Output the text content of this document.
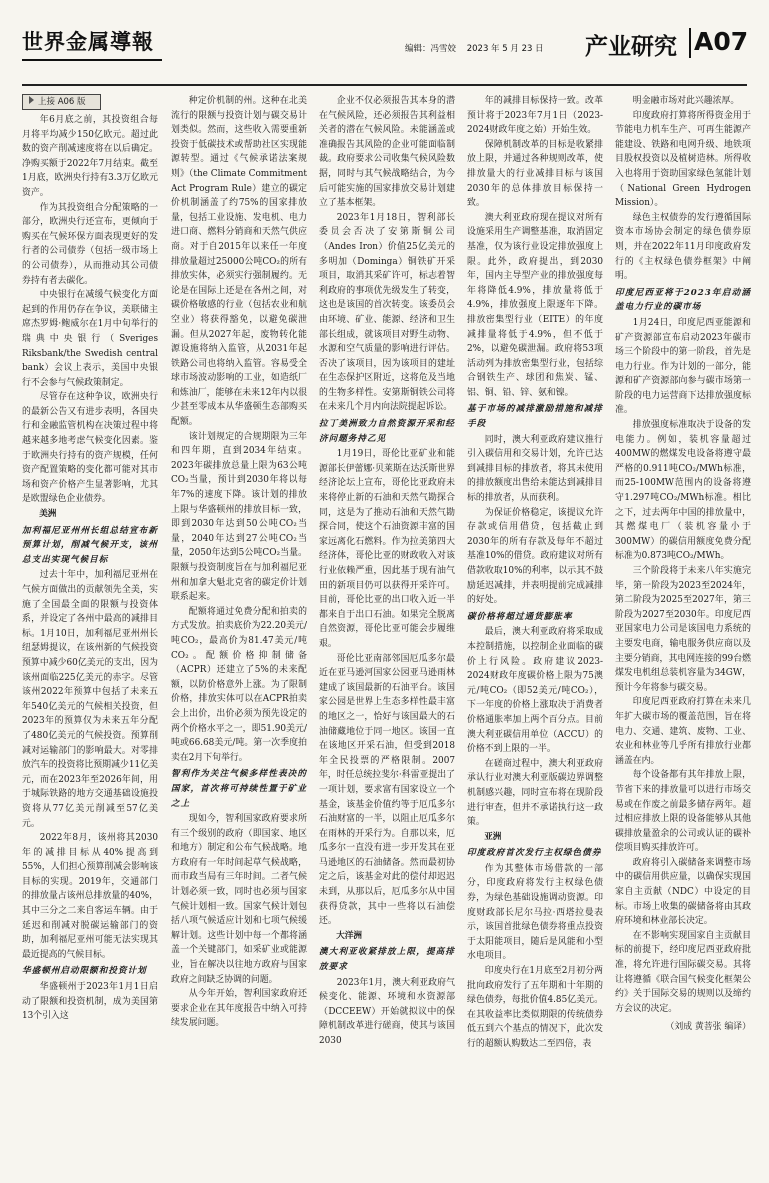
世界金属導報	编辑：冯雪姣 2023 年 5 月 23 日	产业研究 A07
上接 A06 版

年6月底之前，其投资组合每月将平均减少150亿欧元。超过此数的资产削减速度将在以后确定。净购买额于2022年7月结束。截至1月底，欧洲央行持有3.3万亿欧元资产。

作为其投资组合分配策略的一部分，欧洲央行还宣布，更倾向于购买在气候环保方面表现更好的发行者的公司债券（包括一级市场上的公司债券），从而推动其公司债券持有者去碳化。

中央银行在减缓气候变化方面起到的作用仍存在争议，美联储主席杰罗姆·鲍威尔在1月中旬举行的瑞典中央银行（Sveriges Riksbank/the Swedish central bank）会议上表示，美国中央银行不会参与气候政策制定。

尽管存在这种争议，欧洲央行的最新公告又有进步表明，各国央行和金融监管机构在决策过程中将越来越多地考虑气候变化因素。鉴于欧洲央行持有的资产规模，任何资产配置策略的变化都可能对其市场和资产价格产生显著影响，尤其是欧盟绿色企业债券。

美洲

加利福尼亚州州长组总结宣布新预算计划，削减气候开支，该州总支出实现气候目标

过去十年中，加利福尼亚州在气候方面做出的贡献领先全美，实施了全国最全面的限额与投资体系，并设定了各州中最高的减排目标。1月10日，加利福尼亚州州长纽瑟姆提议，在该州新的气候投资预算中减少60亿美元的支出，因为该州面临225亿美元的赤字。尽管该州2022年预算中包括了未来五年540亿美元的气候相关投资，但2023年的预算仅为未来五年分配了480亿美元的气候投资。预算削减对运输部门的影响最大。对零排放汽车的投资将比预期减少11亿美元，而在2023年至2026年间，用于城际铁路的地方交通基础设施投资将从77亿美元削减至57亿美元。

2022年8月，该州将其2030年的减排目标从40%提高到55%，人们担心预算削减会影响该目标的实现。2019年，交通部门的排放量占该州总排放量的40%，其中三分之二来自客运车辆。由于延迟和削减对脱碳运输部门的资助，加利福尼亚州可能无法实现其最近提高的气候目标。

华盛顿州启动限额和投资计划

华盛顿州于2023年1月1日启动了限额和投资机制，成为美国第13个引入这

种定价机制的州。这种在北美流行的限额与投资计划与碳交易计划类似。然而，这些收入需要重新投资于低碳技术或帮助社区实现能源转型。通过《气候承诺法案规则》（the Climate Commitment Act Program Rule）建立的碳定价机制涵盖了约75%的国家排放量，包括工业设施、发电机、电力进口商、燃料分销商和天然气供应商。对于自2015年以来任一年度排放量超过25000公吨CO₂的所有排放实体，必须实行强制履约。无论是在国际上还是在各州之间，对碳价格敏感的行业（包括农业和航空业）将获得豁免，以避免碳泄漏。但从2027年起，废物转化能源设施将纳入监管，从2031年起铁路公司也将纳入监管。容易受全球市场波动影响的工业，如造纸厂和炼油厂，能够在未来12年内以很少甚至零成本从华盛顿生态部购买配额。

该计划规定的合规期限为三年和四年期，直到2034年结束。2023年碳排放总量上限为63公吨CO₂当量，预计到2030年将以每年7%的速度下降。该计划的排放上限与华盛顿州的排放目标一致，即到2030年达到50公吨CO₂当量，2040年达到27公吨CO₂当量，2050年达到5公吨CO₂当量。限额与投资制度旨在与加利福尼亚州和加拿大魁北克省的碳定价计划联系起来。

配额将通过免费分配和拍卖的方式发放。拍卖底价为22.20美元/吨CO₂，最高价为81.47美元/吨CO₂。配额价格抑制储备（ACPR）还建立了5%的未来配额，以防价格意外上涨。为了限制价格，排放实体可以在ACPR拍卖会上出价，出价必须为预先设定的两个价格水平之一，即51.90美元/吨或66.68美元/吨。第一次季度拍卖在2月下旬举行。

智利作为关注气候多样性表决的国家，首次将可持续性置于矿业之上

现如今，智利国家政府要求所有三个级别的政府（即国家、地区和地方）制定和公布气候战略。地方政府有一年时间起草气候战略，而市政当局有三年时间。二者气候计划必须一致，同时也必须与国家气候计划相一致。国家气候计划包括八项气候适应计划和七项气候缓解计划。这些计划中每一个都将涵盖一个关键部门，如采矿业或能源业，旨在解决以往地方政府与国家政府之间缺乏协调的问题。

从今年开始，智利国家政府还要求企业在其年度报告中纳入可持续发展问题。

企业不仅必须报告其本身的潜在气候风险，还必须报告其利益相关者的潜在气候风险。未能涵盖或准确报告其风险的企业可能面临制裁。政府要求公司收集气候风险数据，同时与其气候战略结合，为今后可能实施的国家排放交易计划建立了基本框架。

2023年1月18日，智利部长委员会否决了安第斯铜公司（Andes Iron）价值25亿美元的多明加（Dominga）铜铁矿开采项目，取消其采矿许可，标志着智利政府的事项优先级发生了转变，这也是该国的首次转变。该委员会由环境、矿业、能源、经济和卫生部长组成，就该项目对野生动物、水源和空气质量的影响进行评估。否决了该项目，因为该项目的建址在生态保护区附近，这将危及当地的生物多样性。安第斯铜铁公司将在未来几个月内向法院提起诉讼。

拉丁美洲致力自然资源开采和经济问题务持乙见

1月19日，哥伦比亚矿业和能源部长伊蕾娜·贝莱斯在达沃斯世界经济论坛上宣布，哥伦比亚政府未来将停止新的石油和天然气勘探合同，这是为了推动石油和天然气勘探合同，使这个石油资源丰富的国家远离化石燃料。作为拉美第四大经济体，哥伦比亚的财政收入对该行业依赖严重，因此基于现有油气田的新项目仍可以获得开采许可。目前，哥伦比亚的出口收入近一半都来自于出口石油。如果完全脱离自然资源，哥伦比亚可能会步履维艰。

哥伦比亚南部邻国厄瓜多尔最近在亚马逊河国家公园亚马逊雨林建成了该国最新的石油平台。该国家公园是世界上生态多样性最丰富的地区之一，恰好与该国最大的石油储藏地位于同一地区。该国一直在该地区开采石油，但受到2018年全民投票的严格限制。2007年，时任总统拉斐尔·科雷亚提出了一项计划，要求富有国家设立一个基金，该基金价值约等于厄瓜多尔石油财富的一半，以阻止厄瓜多尔在雨林的开采行为。自那以来，厄瓜多尔一直没有进一步开发其在亚马逊地区的石油储备。然而最初协定之后，该基金对此的偿付却迟迟未到，从那以后，厄瓜多尔从中国获得贷款，其中一些将以石油偿还。

大洋洲

澳大利亚收紧排放上限，提高排放要求

2023年1月，澳大利亚政府气候变化、能源、环境和水资源部（DCCEEW）开始就拟议中的保障机制改革进行磋商，使其与该国2030

年的减排目标保持一致。改革预计将于2023年7月1日（2023-2024财政年度之始）开始生效。

保障机制改革的目标是收紧排放上限，并通过各种规则改革，使排放量大的行业减排目标与该国2030年的总体排放目标保持一致。

澳大利亚政府现在提议对所有设施采用生产调整基准，取消固定基准，仅为该行业设定排放强度上限。此外，政府提出，到2030年，国内主导型产业的排放强度每年将降低4.9%，排放量将低于4.9%，排放强度上限逐年下降。排放密集型行业（EITE）的年度减排量将低于4.9%，但不低于2%，以避免碳泄漏。政府将53项活动列为排放密集型行业，包括综合钢铁生产、球团和焦炭、锰、铝、铜、铅、锌、氨和镍。

基于市场的减排激励措施和减排手段

同时，澳大利亚政府建议推行引入碳信用和交易计划，允许已达到减排目标的排放者，将其未使用的排放额度出售给未能达到减排目标的排放者，从而获利。

为保证价格稳定，该提议允许存款或信用借贷，包括截止到2030年的所有存款及每年不超过基准10%的借贷。政府建议对所有借款收取10%的利率，以示其不鼓励延迟减排，并表明提前完成减排的好处。

碳价格将超过通货膨胀率

最后，澳大利亚政府将采取成本控制措施，以控制企业面临的碳价上行风险。政府建议2023-2024财政年度碳价格上限为75澳元/吨CO₂（即52美元/吨CO₂），下一年度的价格上涨取决于消费者价格通胀率加上两个百分点。目前澳大利亚碳信用单位（ACCU）的价格不到上限的一半。

在磋商过程中，澳大利亚政府承认行业对澳大利亚版碳边界调整机制感兴趣，同时宣布将在现阶段进行审查，但并不承诺执行这一政策。

亚洲

印度政府首次发行主权绿色债券

作为其整体市场借款的一部分，印度政府将发行主权绿色债券，为绿色基础设施调动资源。印度财政部长尼尔马拉·西塔拉曼表示，该国首批绿色债券将重点投资于太阳能项目，随后是风能和小型水电项目。

印度央行在1月底至2月初分两批向政府发行了五年期和十年期的绿色债券，每批价值4.85亿美元。在其收益率比类似期限的传统债券低五到六个基点的情况下，此次发行的超额认购数达二至四倍，表

明金融市场对此兴趣浓厚。

印度政府打算将所得资金用于节能电力机车生产、可再生能源产能建设、铁路和电网升级、地铁项目股权投资以及植树造林。所得收入也将用于资助国家绿色氢能计划（National Green Hydrogen Mission）。

绿色主权债券的发行遵循国际资本市场协会制定的绿色债券原则，并在2022年11月印度政府发行的《主权绿色债券框架》中阐明。

印度尼西亚将于2023年启动涵盖电力行业的碳市场

1月24日，印度尼西亚能源和矿产资源部宣布启动2023年碳市场三个阶段中的第一阶段，首先是电力行业。作为计划的一部分，能源和矿产资源部向参与碳市场第一阶段的电力运营商下达排放强度标准。

排放强度标准取决于设备的发电能力。例如，装机容量超过400MW的燃煤发电设备将遵守最严格的0.911吨CO₂/MWh标准，而25-100MW范围内的设备将遵守1.297吨CO₂/MWh标准。相比之下，过去两年中国的排放量中，其燃煤电厂（装机容量小于300MW）的碳信用额度免费分配标准为0.873吨CO₂/MWh。

三个阶段将于未来八年实施完毕，第一阶段为2023至2024年，第二阶段为2025至2027年，第三阶段为2027至2030年。印度尼西亚国家电力公司是该国电力系统的主要发电商，输电服务供应商以及主要分销商，其电网连接的99台燃煤发电机组总装机容量为34GW，预计今年将参与碳交易。

印度尼西亚政府打算在未来几年扩大碳市场的覆盖范围，旨在将电力、交通、建筑、废物、工业、农业和林业等几乎所有排放行业都涵盖在内。

每个设备都有其年排放上限，节省下来的排放量可以进行市场交易或在作废之前最多储存两年。超过相应排放上限的设备能够从其他碳排放量盈余的公司或认证的碳补偿项目购买排放许可。

政府将引入碳储备来调整市场中的碳信用供应量，以确保实现国家自主贡献（NDC）中设定的目标。市场上收集的碳储备将由其政府环境和林业部长决定。

在不影响实现国家自主贡献目标的前提下，经印度尼西亚政府批准，将允许进行国际碳交易。其将让将遵循《联合国气候变化框架公约》关于国际交易的规则以及缔约方会议的决定。

（刘成 黄菩张 编译）
